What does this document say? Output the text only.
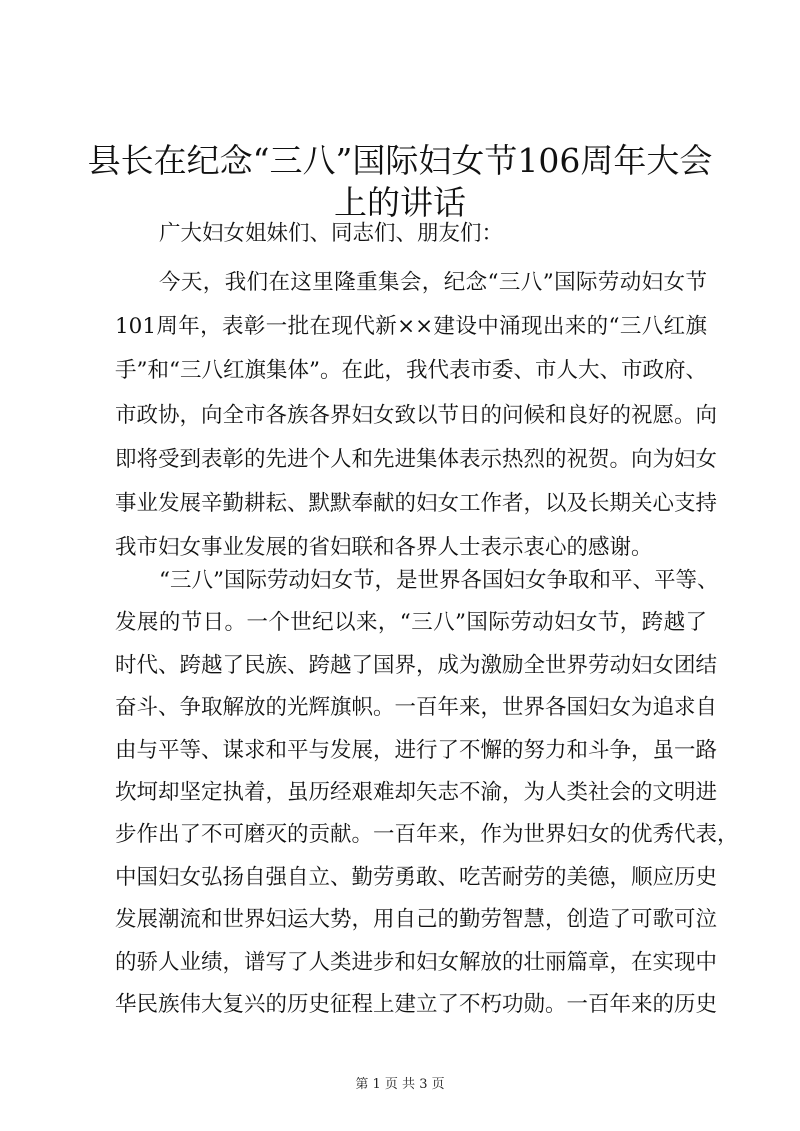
县长在纪念“三八”国际妇女节106周年大会
上的讲话
广大妇女姐妹们、同志们、朋友们：
今天，我们在这里隆重集会，纪念“三八”国际劳动妇女节
101周年，表彰一批在现代新××建设中涌现出来的“三八红旗
手”和“三八红旗集体”。在此，我代表市委、市人大、市政府、
市政协，向全市各族各界妇女致以节日的问候和良好的祝愿。向
即将受到表彰的先进个人和先进集体表示热烈的祝贺。向为妇女
事业发展辛勤耕耘、默默奉献的妇女工作者，以及长期关心支持
我市妇女事业发展的省妇联和各界人士表示衷心的感谢。
“三八”国际劳动妇女节，是世界各国妇女争取和平、平等、
发展的节日。一个世纪以来，“三八”国际劳动妇女节，跨越了
时代、跨越了民族、跨越了国界，成为激励全世界劳动妇女团结
奋斗、争取解放的光辉旗帜。一百年来，世界各国妇女为追求自
由与平等、谋求和平与发展，进行了不懈的努力和斗争，虽一路
坎坷却坚定执着，虽历经艰难却矢志不渝，为人类社会的文明进
步作出了不可磨灭的贡献。一百年来，作为世界妇女的优秀代表，
中国妇女弘扬自强自立、勤劳勇敢、吃苦耐劳的美德，顺应历史
发展潮流和世界妇运大势，用自己的勤劳智慧，创造了可歌可泣
的骄人业绩，谱写了人类进步和妇女解放的壮丽篇章，在实现中
华民族伟大复兴的历史征程上建立了不朽功勋。一百年来的历史
第 1 页 共 3 页
